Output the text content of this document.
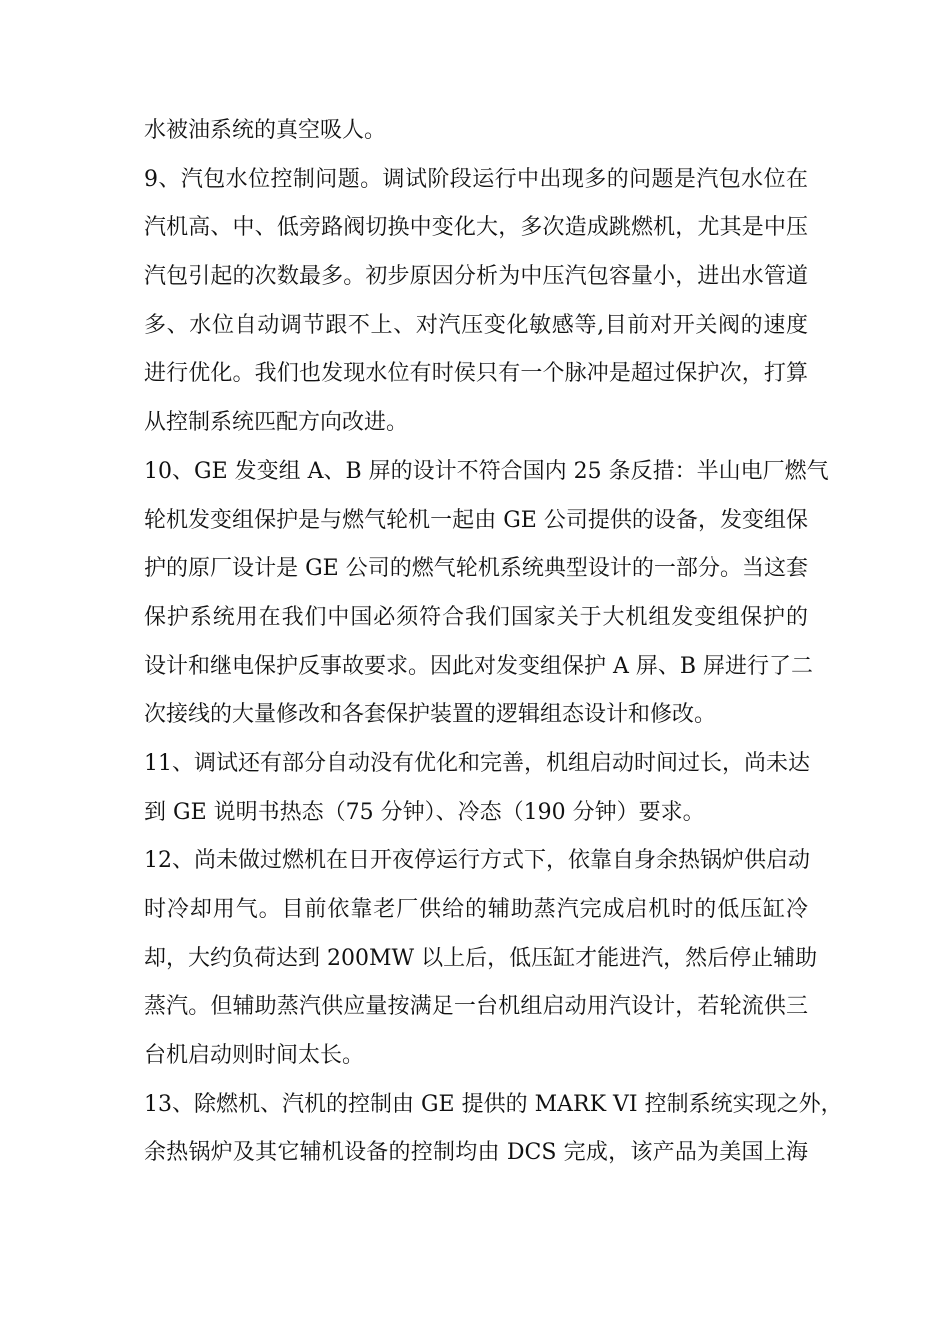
水被油系统的真空吸人。
9、汽包水位控制问题。调试阶段运行中出现多的问题是汽包水位在
汽机高、中、低旁路阀切换中变化大，多次造成跳燃机，尤其是中压
汽包引起的次数最多。初步原因分析为中压汽包容量小，进出水管道
多、水位自动调节跟不上、对汽压变化敏感等,目前对开关阀的速度
进行优化。我们也发现水位有时侯只有一个脉冲是超过保护次，打算
从控制系统匹配方向改进。
10、GE 发变组 A、B 屏的设计不符合国内 25 条反措：半山电厂燃气
轮机发变组保护是与燃气轮机一起由 GE 公司提供的设备，发变组保
护的原厂设计是 GE 公司的燃气轮机系统典型设计的一部分。当这套
保护系统用在我们中国必须符合我们国家关于大机组发变组保护的
设计和继电保护反事故要求。因此对发变组保护 A 屏、B 屏进行了二
次接线的大量修改和各套保护装置的逻辑组态设计和修改。
11、调试还有部分自动没有优化和完善，机组启动时间过长，尚未达
到 GE 说明书热态（75 分钟）、冷态（190 分钟）要求。
12、尚未做过燃机在日开夜停运行方式下，依靠自身余热锅炉供启动
时冷却用气。目前依靠老厂供给的辅助蒸汽完成启机时的低压缸冷
却，大约负荷达到 200MW 以上后，低压缸才能进汽，然后停止辅助
蒸汽。但辅助蒸汽供应量按满足一台机组启动用汽设计，若轮流供三
台机启动则时间太长。
13、除燃机、汽机的控制由 GE 提供的 MARK VI 控制系统实现之外，
余热锅炉及其它辅机设备的控制均由 DCS 完成，该产品为美国上海
